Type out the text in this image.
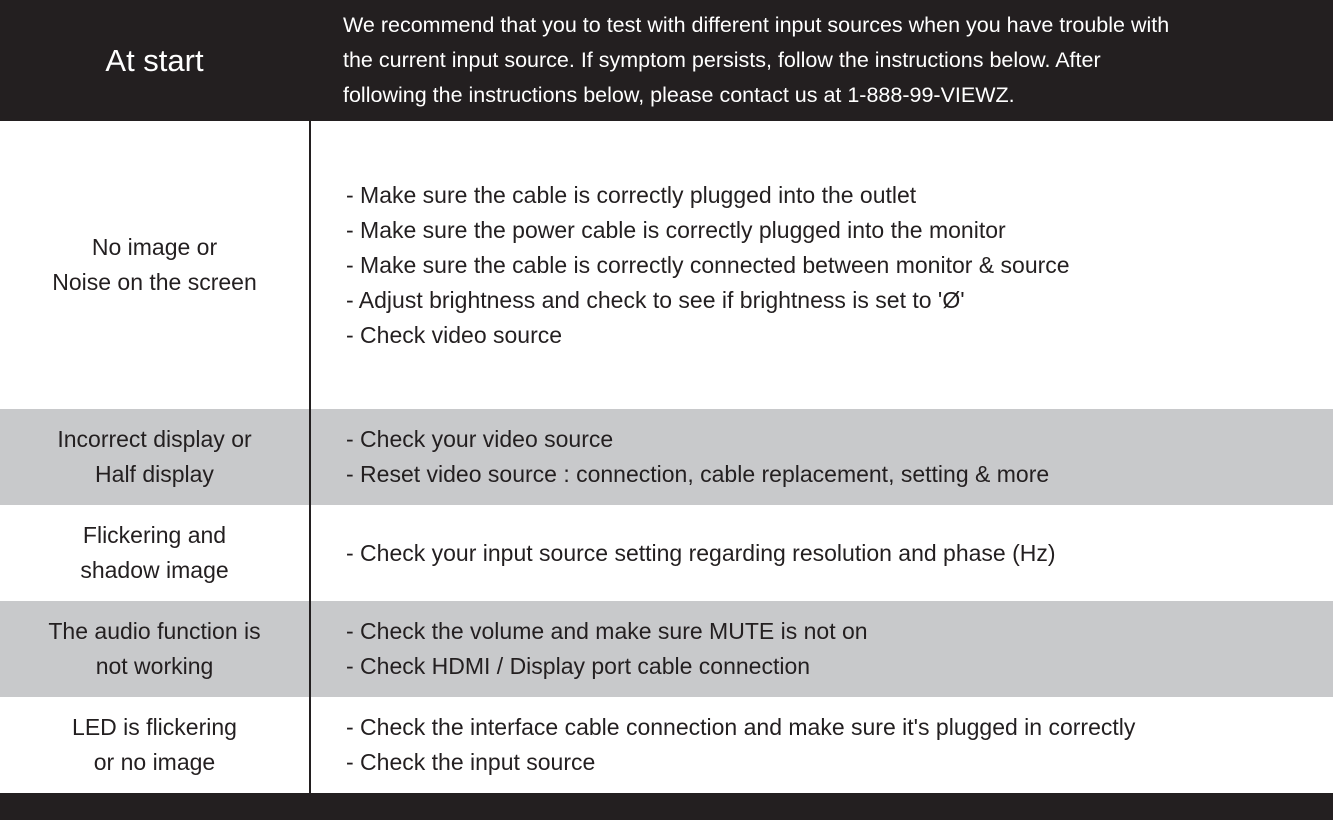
At start
We recommend that you to test with different input sources when you have trouble with
the current input source. If symptom persists, follow the instructions below. After
following the instructions below, please contact us at 1-888-99-VIEWZ.
No image or
Noise on the screen
- Make sure the cable is correctly plugged into the outlet
- Make sure the power cable is correctly plugged into the monitor
- Make sure the cable is correctly connected between monitor & source
- Adjust brightness and check to see if brightness is set to 'Ø'
- Check video source
Incorrect display or
Half display
- Check your video source
- Reset video source : connection, cable replacement, setting & more
Flickering and
shadow image
- Check your input source setting regarding resolution and phase (Hz)
The audio function is
not working
- Check the volume and make sure MUTE is not on
- Check HDMI / Display port cable connection
LED is flickering
or no image
- Check the interface cable connection and make sure it's plugged in correctly
- Check the input source
